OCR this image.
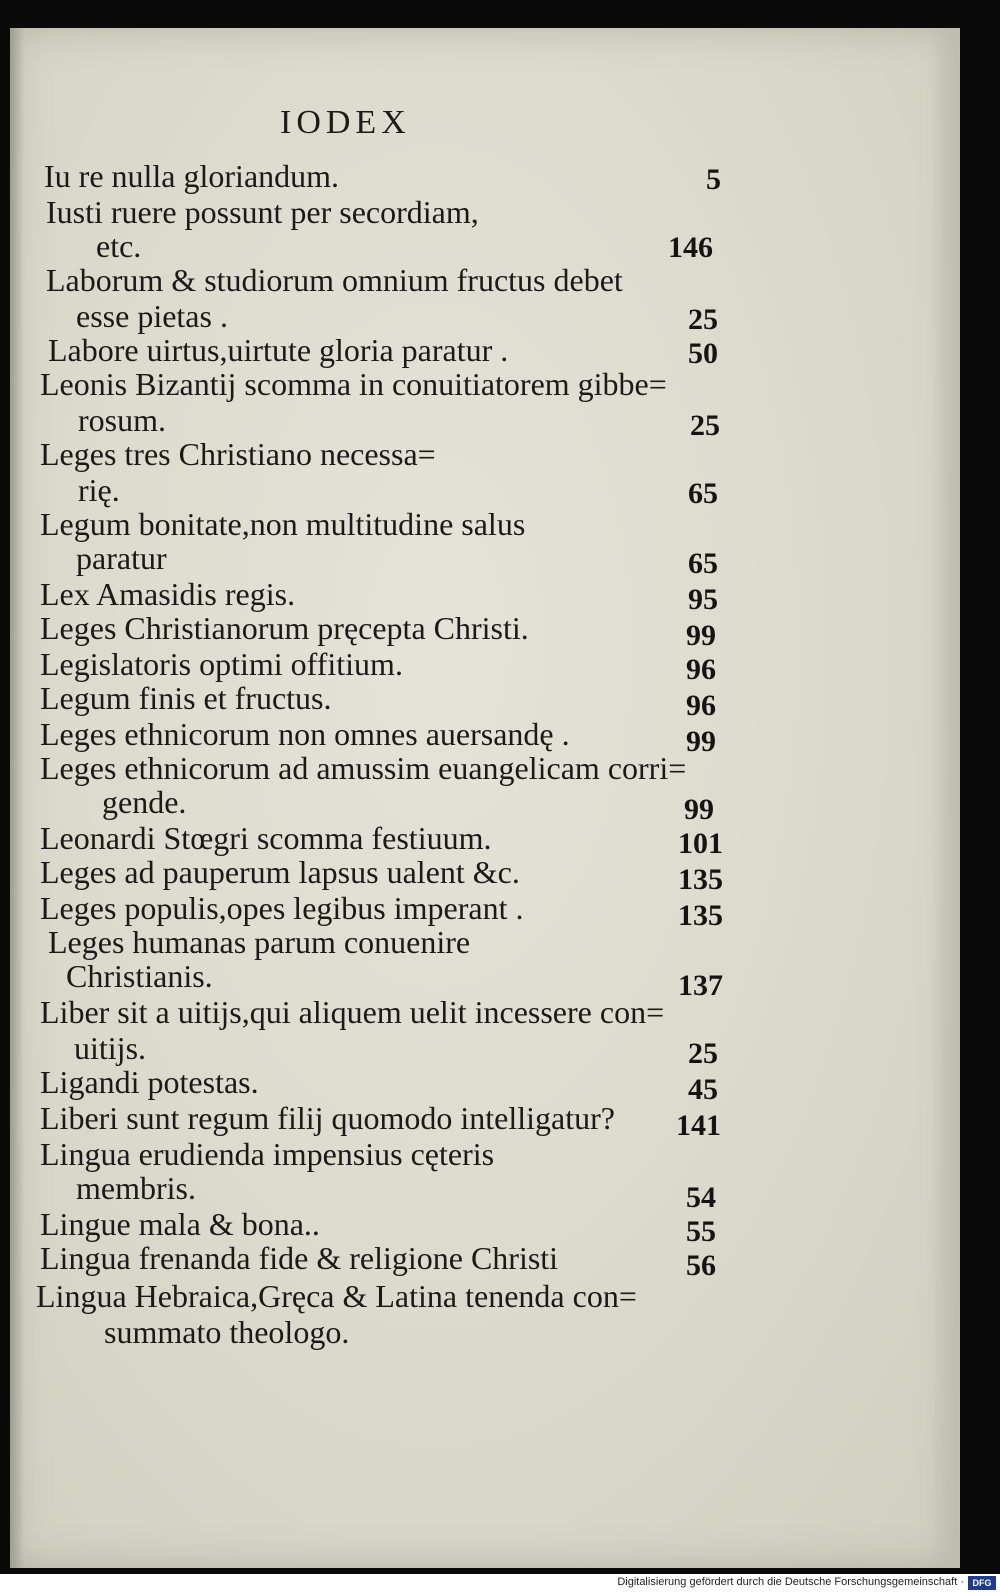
IODEX
Iu re nulla gloriandum.	5
Iusti ruere possunt per secordiam,
etc.	146
Laborum & studiorum omnium fructus debet
esse pietas .	25
Labore uirtus,uirtute gloria paratur .	50
Leonis Bizantij scomma in conuitiatorem gibbe=
rosum.	25
Leges tres Christiano necessa=
rię.	65
Legum bonitate,non multitudine salus
paratur	65
Lex Amasidis regis.	95
Leges Christianorum pręcepta Christi.	99
Legislatoris optimi offitium.	96
Legum finis et fructus.	96
Leges ethnicorum non omnes auersandę .	99
Leges ethnicorum ad amussim euangelicam corri=
gende.	99
Leonardi Stœgri scomma festiuum.	101
Leges ad pauperum lapsus ualent &c.	135
Leges populis,opes legibus imperant .	135
Leges humanas parum conuenire
Christianis.	137
Liber sit a uitijs,qui aliquem uelit incessere con=
uitijs.	25
Ligandi potestas.	45
Liberi sunt regum filij quomodo intelligatur? 141
Lingua erudienda impensius cęteris
membris.	54
Lingue mala & bona..	55
Lingua frenanda fide & religione Christi	56
Lingua Hebraica,Gręca & Latina tenenda con=
summato theologo.
Digitalisierung gefördert durch die Deutsche Forschungsgemeinschaft · DFG
